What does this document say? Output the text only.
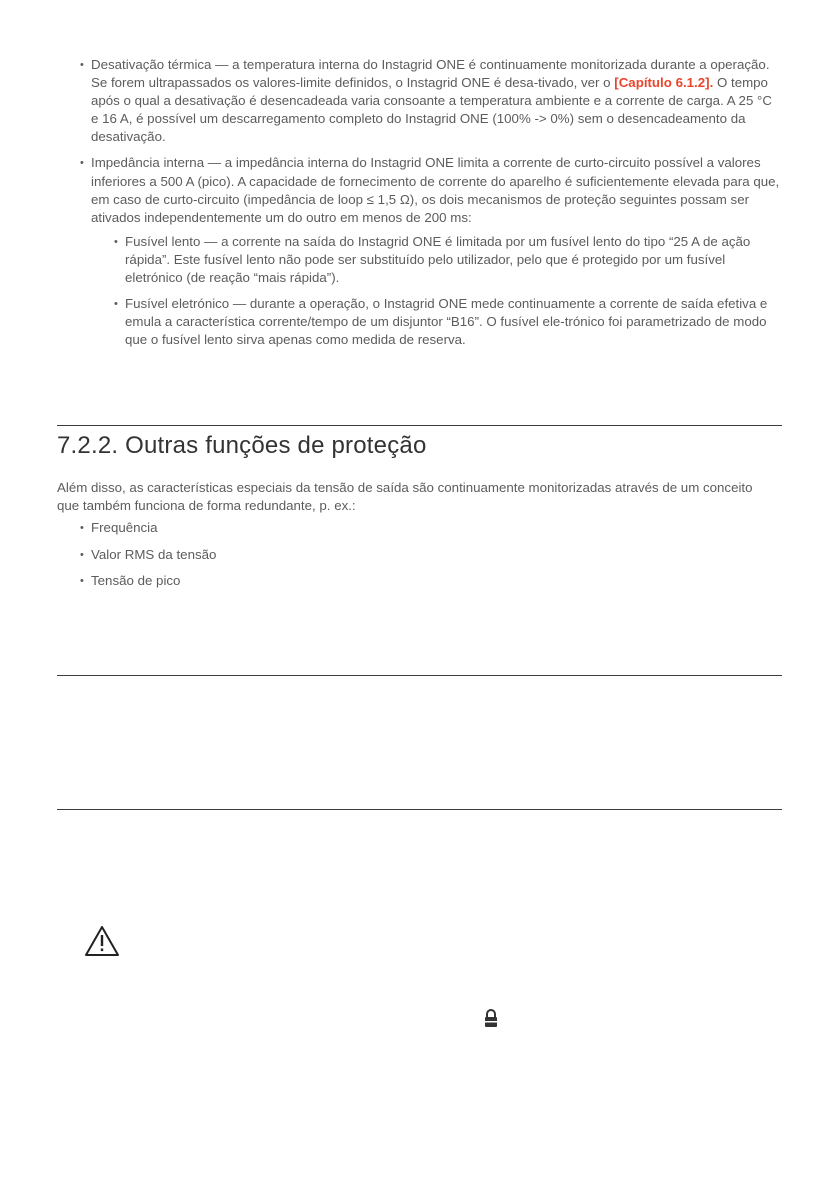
• Desativação térmica — a temperatura interna do Instagrid ONE é continuamente monitorizada durante a operação. Se forem ultrapassados os valores-limite definidos, o Instagrid ONE é desa-tivado, ver o [Capítulo 6.1.2]. O tempo após o qual a desativação é desencadeada varia consoante a temperatura ambiente e a corrente de carga. A 25 °C e 16 A, é possível um descarregamento completo do Instagrid ONE (100% -> 0%) sem o desencadeamento da desativação.
• Impedância interna — a impedância interna do Instagrid ONE limita a corrente de curto-circuito possível a valores inferiores a 500 A (pico). A capacidade de fornecimento de corrente do aparelho é suficientemente elevada para que, em caso de curto-circuito (impedância de loop ≤ 1,5 Ω), os dois mecanismos de proteção seguintes possam ser ativados independentemente um do outro em menos de 200 ms:
• Fusível lento — a corrente na saída do Instagrid ONE é limitada por um fusível lento do tipo “25 A de ação rápida”. Este fusível lento não pode ser substituído pelo utilizador, pelo que é protegido por um fusível eletrónico (de reação “mais rápida”).
• Fusível eletrónico — durante a operação, o Instagrid ONE mede continuamente a corrente de saída efetiva e emula a característica corrente/tempo de um disjuntor “B16”. O fusível ele-trónico foi parametrizado de modo que o fusível lento sirva apenas como medida de reserva.
7.2.2. Outras funções de proteção

Além disso, as características especiais da tensão de saída são continuamente monitorizadas através de um conceito que também funciona de forma redundante, p. ex.:

• Frequência
• Valor RMS da tensão
• Tensão de pico
